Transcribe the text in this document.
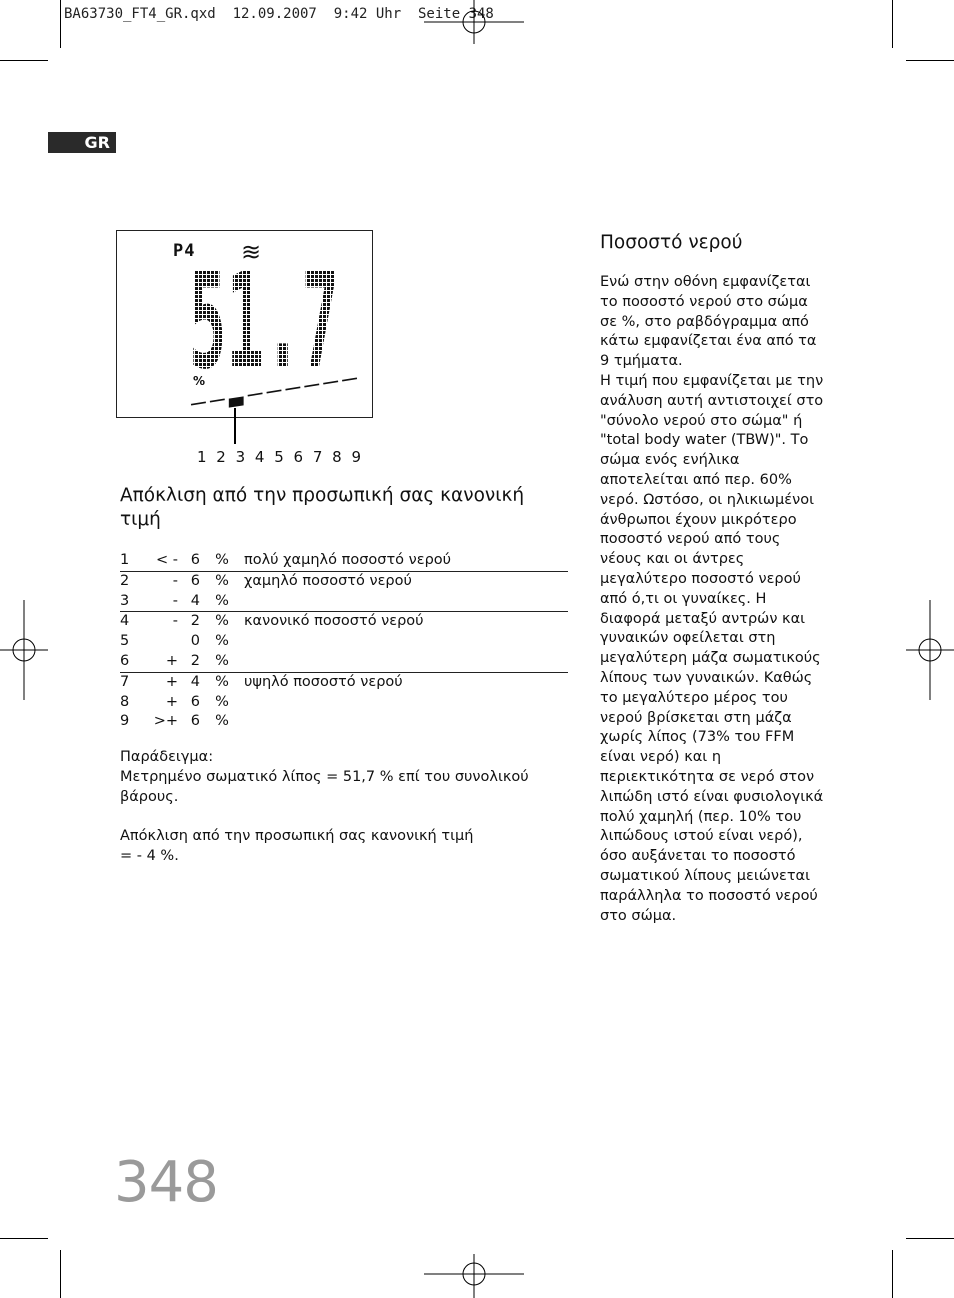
BA63730_FT4_GR.qxd  12.09.2007  9:42 Uhr  Seite 348
GR
P4 ≋
51.7
%
1 2 3 4 5 6 7 8 9
Απόκλιση από την προσωπική σας κανονική τιμή
1	< -	6	%	πολύ χαμηλό ποσοστό νερού
2	-	6	%	χαμηλό ποσοστό νερού
3	-	4	%	
4	-	2	%	κανονικό ποσοστό νερού
5		0	%	
6	+	2	%	
7	+	4	%	υψηλό ποσοστό νερού
8	+	6	%	
9	>+	6	%	

Παράδειγμα:

Μετρημένο σωματικό λίπος = 51,7 % επί του συνολικού βάρους.

Απόκλιση από την προσωπική σας κανονική τιμή

= - 4 %.

Ποσοστό νερού
Ενώ στην οθόνη εμφανίζεται το ποσοστό νερού στο σώμα σε %, στο ραβδόγραμμα από κάτω εμφανίζεται ένα από τα 9 τμήματα.
Η τιμή που εμφανίζεται με την ανάλυση αυτή αντιστοιχεί στο "σύνολο νερού στο σώμα" ή "total body water (TBW)". Το σώμα ενός ενήλικα αποτελείται από περ. 60% νερό. Ωστόσο, οι ηλικιωμένοι άνθρωποι έχουν μικρότερο ποσοστό νερού από τους νέους και οι άντρες μεγαλύτερο ποσοστό νερού από ό,τι οι γυναίκες. Η διαφορά μεταξύ αντρών και γυναικών οφείλεται στη μεγαλύτερη μάζα σωματικούς λίπους των γυναικών. Καθώς το μεγαλύτερο μέρος του νερού βρίσκεται στη μάζα χωρίς λίπος (73% του FFM είναι νερό) και η περιεκτικότητα σε νερό στον λιπώδη ιστό είναι φυσιολογικά πολύ χαμηλή (περ. 10% του λιπώδους ιστού είναι νερό), όσο αυξάνεται το ποσοστό σωματικού λίπους μειώνεται παράλληλα το ποσοστό νερού στο σώμα.
348
